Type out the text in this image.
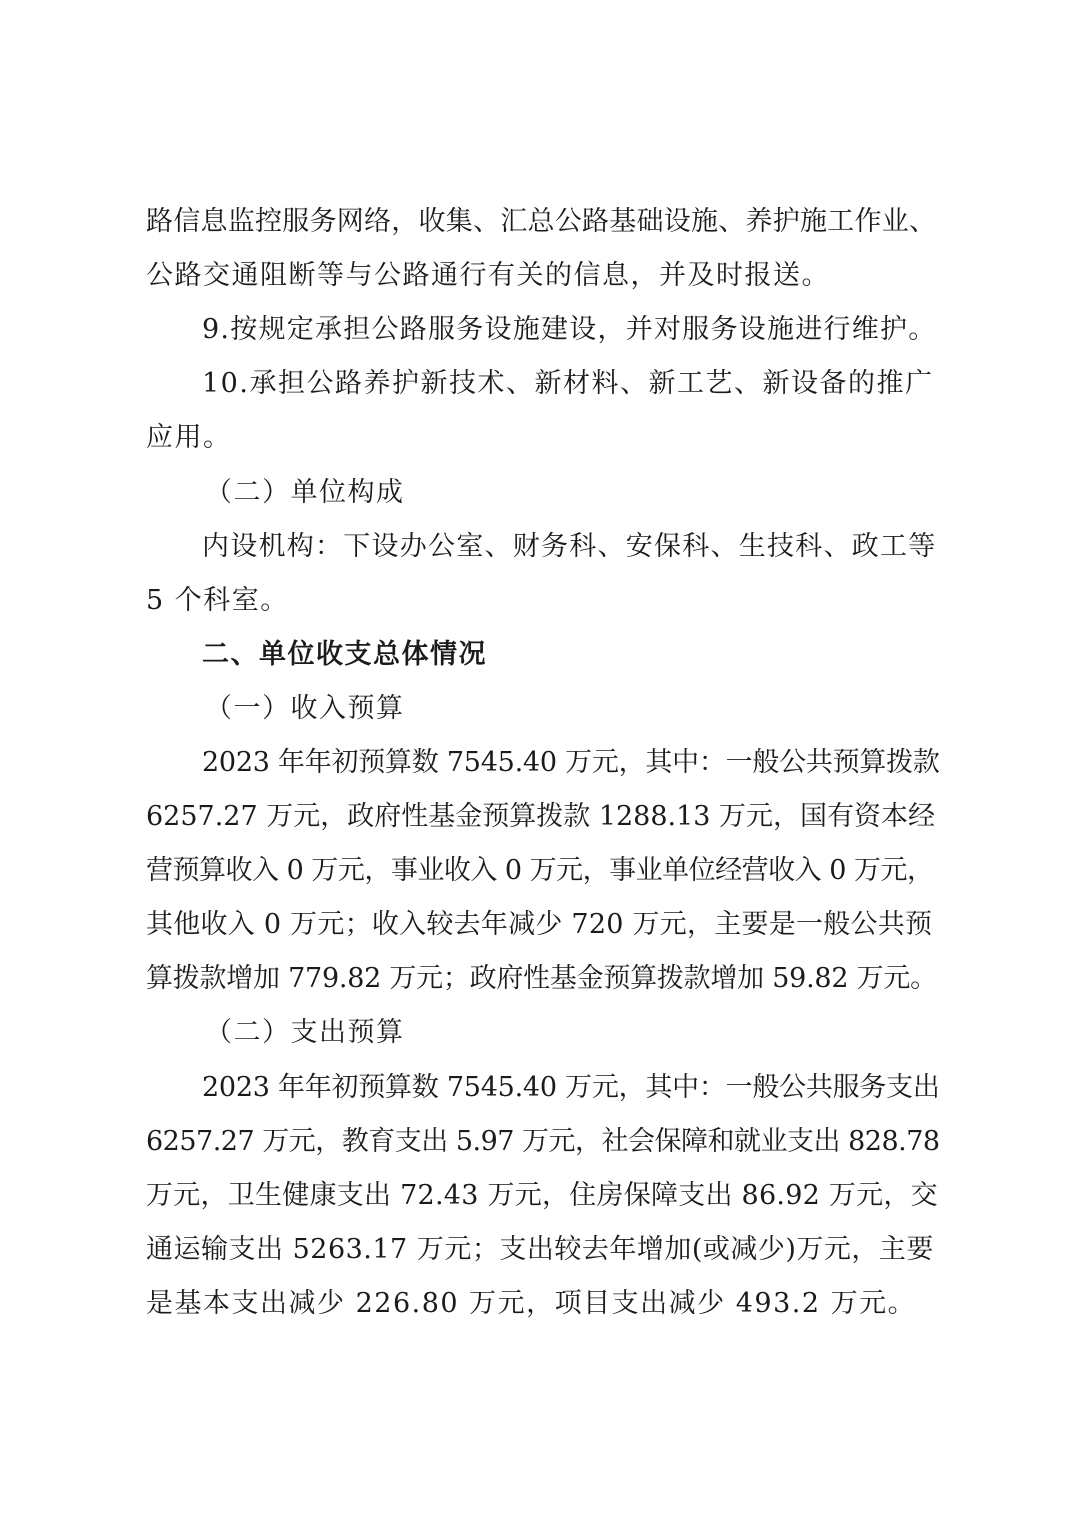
路信息监控服务网络，收集、汇总公路基础设施、养护施工作业、
公路交通阻断等与公路通行有关的信息，并及时报送。
9.按规定承担公路服务设施建设，并对服务设施进行维护。
10.承担公路养护新技术、新材料、新工艺、新设备的推广
应用。
（二）单位构成
内设机构：下设办公室、财务科、安保科、生技科、政工等
5 个科室。
二、单位收支总体情况
（一）收入预算
2023 年年初预算数 7545.40 万元，其中：一般公共预算拨款
6257.27 万元，政府性基金预算拨款 1288.13 万元，国有资本经
营预算收入 0 万元，事业收入 0 万元，事业单位经营收入 0 万元，
其他收入 0 万元；收入较去年减少 720 万元，主要是一般公共预
算拨款增加 779.82 万元；政府性基金预算拨款增加 59.82 万元。
（二）支出预算
2023 年年初预算数 7545.40 万元，其中：一般公共服务支出
6257.27 万元，教育支出 5.97 万元，社会保障和就业支出 828.78
万元，卫生健康支出 72.43 万元，住房保障支出 86.92 万元，交
通运输支出 5263.17 万元；支出较去年增加(或减少)万元，主要
是基本支出减少 226.80 万元，项目支出减少 493.2 万元。
